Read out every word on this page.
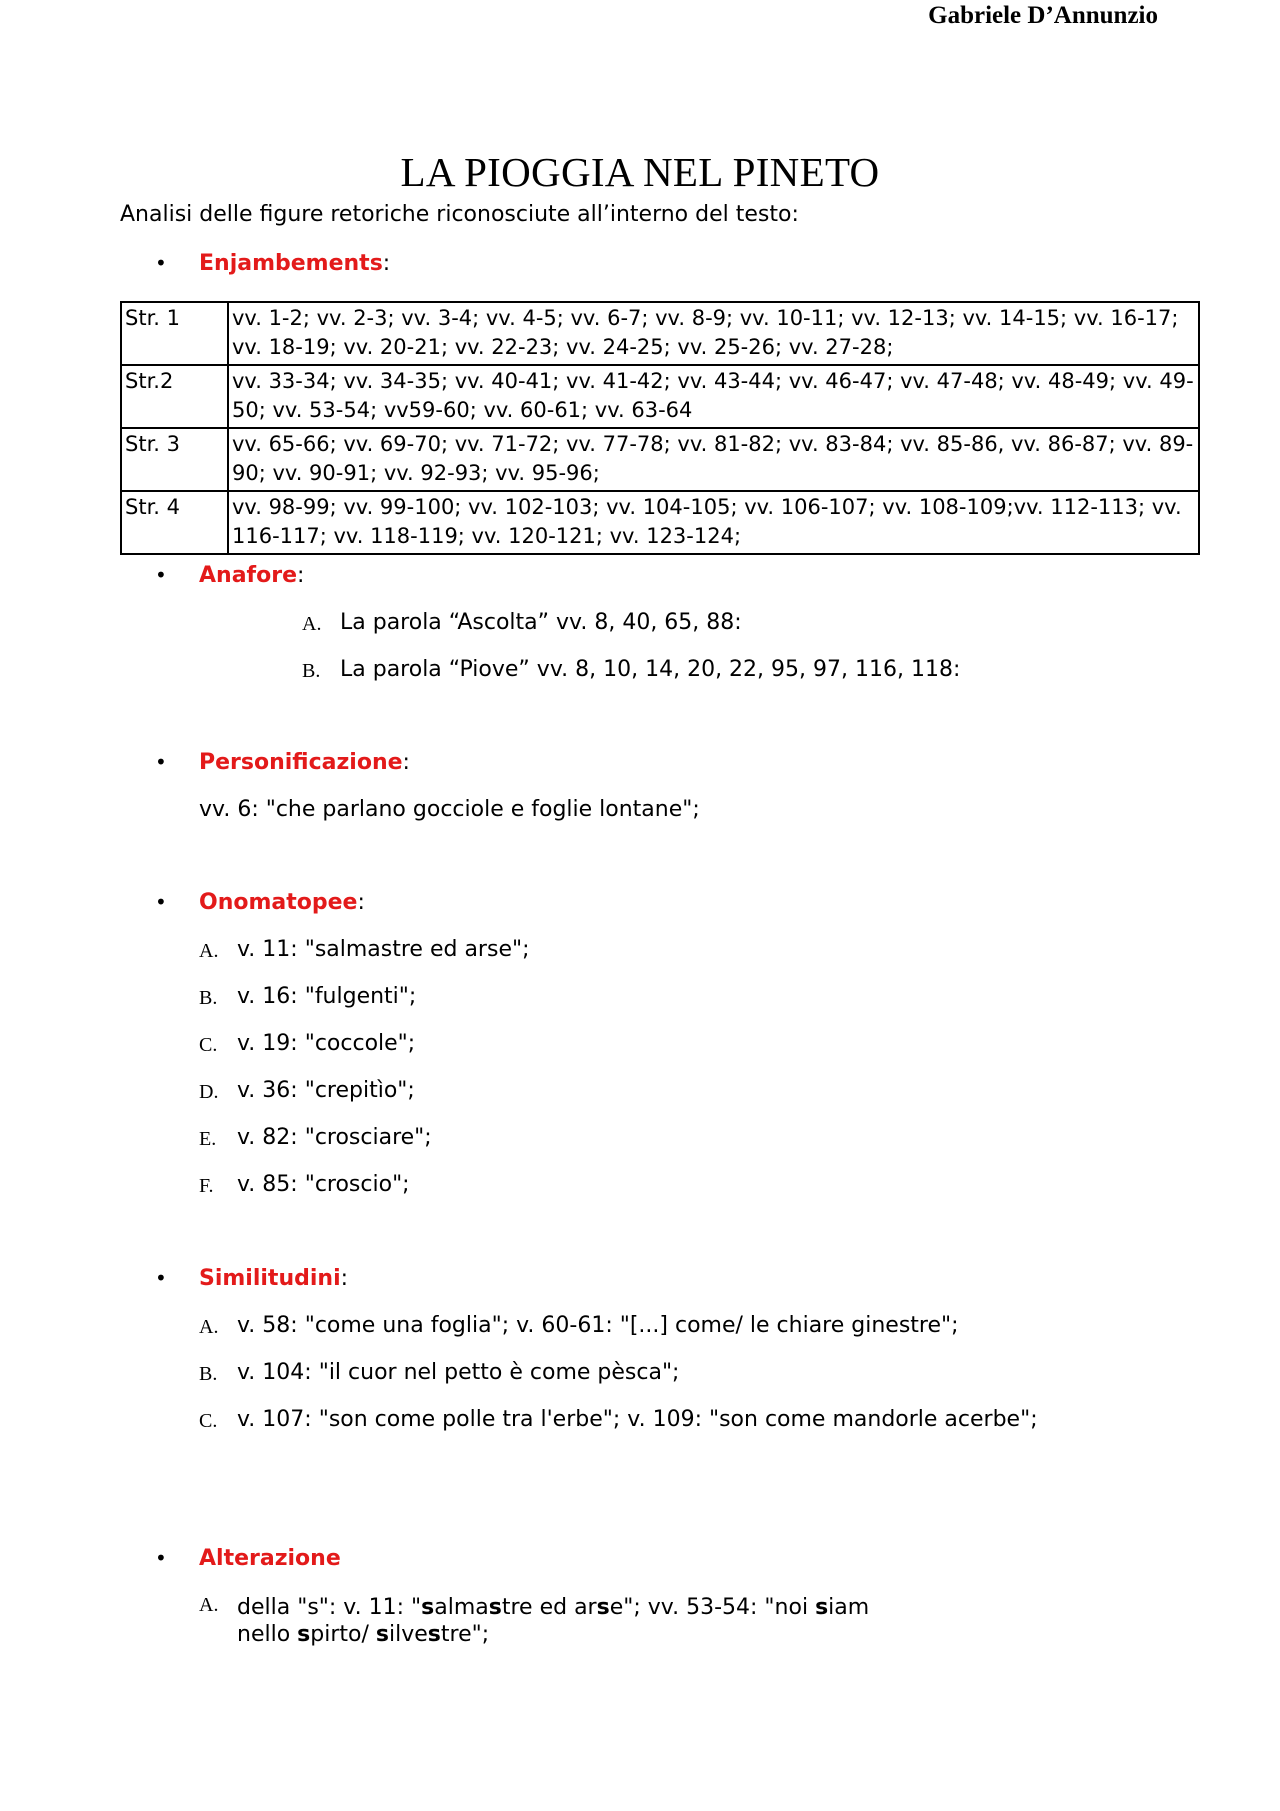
Gabriele D’Annunzio
LA PIOGGIA NEL PINETO
Analisi delle figure retoriche riconosciute all’interno del testo:
• Enjambements:
Str. 1	vv. 1-2; vv. 2-3; vv. 3-4; vv. 4-5; vv. 6-7; vv. 8-9; vv. 10-11; vv. 12-13; vv. 14-15; vv. 16-17; vv. 18-19; vv. 20-21; vv. 22-23; vv. 24-25; vv. 25-26; vv. 27-28;
Str.2	vv. 33-34; vv. 34-35; vv. 40-41; vv. 41-42; vv. 43-44; vv. 46-47; vv. 47-48; vv. 48-49; vv. 49-50; vv. 53-54; vv59-60; vv. 60-61; vv. 63-64
Str. 3	vv. 65-66; vv. 69-70; vv. 71-72; vv. 77-78; vv. 81-82; vv. 83-84; vv. 85-86, vv. 86-87; vv. 89-90; vv. 90-91; vv. 92-93; vv. 95-96;
Str. 4	vv. 98-99; vv. 99-100; vv. 102-103; vv. 104-105; vv. 106-107; vv. 108-109;vv. 112-113; vv. 116-117; vv. 118-119; vv. 120-121; vv. 123-124;
• Anafore:
A. La parola “Ascolta” vv. 8, 40, 65, 88:
B. La parola “Piove” vv. 8, 10, 14, 20, 22, 95, 97, 116, 118:
• Personificazione:
vv. 6: "che parlano gocciole e foglie lontane";
• Onomatopee:
A. v. 11: "salmastre ed arse";
B. v. 16: "fulgenti";
C. v. 19: "coccole";
D. v. 36: "crepitìo";
E. v. 82: "crosciare";
F. v. 85: "croscio";
• Similitudini:
A. v. 58: "come una foglia"; v. 60-61: "[...] come/ le chiare ginestre";
B. v. 104: "il cuor nel petto è come pèsca";
C. v. 107: "son come polle tra l'erbe"; v. 109: "son come mandorle acerbe";
• Alterazione
A. della "s": v. 11: "salmastre ed arse"; vv. 53-54: "noi siam
nello spirto/ silvestre";
